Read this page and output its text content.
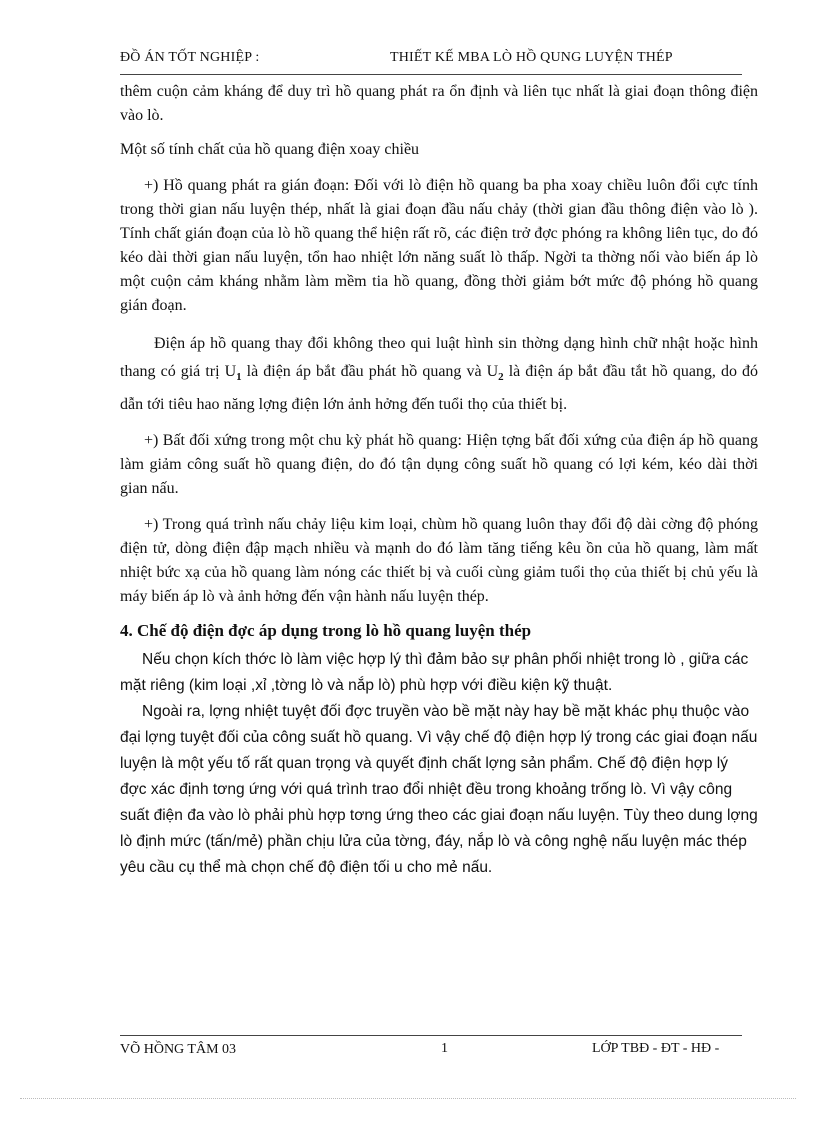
ĐỒ ÁN TỐT NGHIỆP :	THIẾT KẾ MBA LÒ HỒ QUNG LUYỆN THÉP

thêm cuộn cảm kháng để duy trì hồ quang phát ra ổn định và liên tục nhất là giai đoạn thông điện vào lò.

Một số tính chất của hồ quang điện xoay chiều

+) Hồ quang phát ra gián đoạn: Đối với lò điện hồ quang ba pha xoay chiều luôn đổi cực tính trong thời gian nấu luyện thép, nhất là giai đoạn đầu nấu chảy (thời gian đầu thông điện vào lò ). Tính chất gián đoạn của lò hồ quang thể hiện rất rõ, các điện trở đợc phóng ra không liên tục, do đó kéo dài thời gian nấu luyện, tổn hao nhiệt lớn năng suất lò thấp. Ngời ta thờng nối vào biến áp lò một cuộn cảm kháng nhằm làm mềm tia hồ quang, đồng thời giảm bớt mức độ phóng hồ quang gián đoạn.

Điện áp hồ quang thay đổi không theo qui luật hình sin thờng dạng hình chữ nhật hoặc hình thang có giá trị $U_1$ là điện áp bắt đầu phát hồ quang và $U_2$ là điện áp bắt đầu tắt hồ quang, do đó dẫn tới tiêu hao năng lợng điện lớn ảnh hởng đến tuổi thọ của thiết bị.

+) Bất đối xứng trong một chu kỳ phát hồ quang: Hiện tợng bất đối xứng của điện áp hồ quang làm giảm công suất hồ quang điện, do đó tận dụng công suất hồ quang có lợi kém, kéo dài thời gian nấu.

+) Trong quá trình nấu chảy liệu kim loại, chùm hồ quang luôn thay đổi độ dài cờng độ phóng điện tử, dòng điện đập mạch nhiều và mạnh do đó làm tăng tiếng kêu ồn của hồ quang, làm mất nhiệt bức xạ của hồ quang làm nóng các thiết bị và cuối cùng giảm tuổi thọ của thiết bị chủ yếu là máy biến áp lò và ảnh hởng đến vận hành nấu luyện thép.

4. Chế độ điện đợc áp dụng trong lò hồ quang luyện thép

Nếu chọn kích thớc lò làm việc hợp lý thì đảm bảo sự phân phối nhiệt trong lò , giữa các mặt riêng (kim loại ,xỉ ,tờng lò và nắp lò) phù hợp với điều kiện kỹ thuật.

Ngoài ra, lợng nhiệt tuyệt đối đợc truyền vào bề mặt này hay bề mặt khác phụ thuộc vào đại lợng tuyệt đối của công suất hồ quang. Vì vậy chế độ điện hợp lý trong các giai đoạn nấu luyện là một yếu tố rất quan trọng và quyết định chất lợng sản phẩm. Chế độ điện hợp lý đợc xác định tơng ứng với quá trình trao đổi nhiệt đều trong khoảng trống lò. Vì vậy công suất điện đa vào lò phải phù hợp tơng ứng theo các giai đoạn nấu luyện. Tùy theo dung lợng lò định mức (tấn/mẻ) phần chịu lửa của tờng, đáy, nắp lò và công nghệ nấu luyện mác thép yêu cầu cụ thể mà chọn chế độ điện tối u cho mẻ nấu.

VÕ HỒNG TÂM 03	1	LỚP TBĐ - ĐT - HĐ -
